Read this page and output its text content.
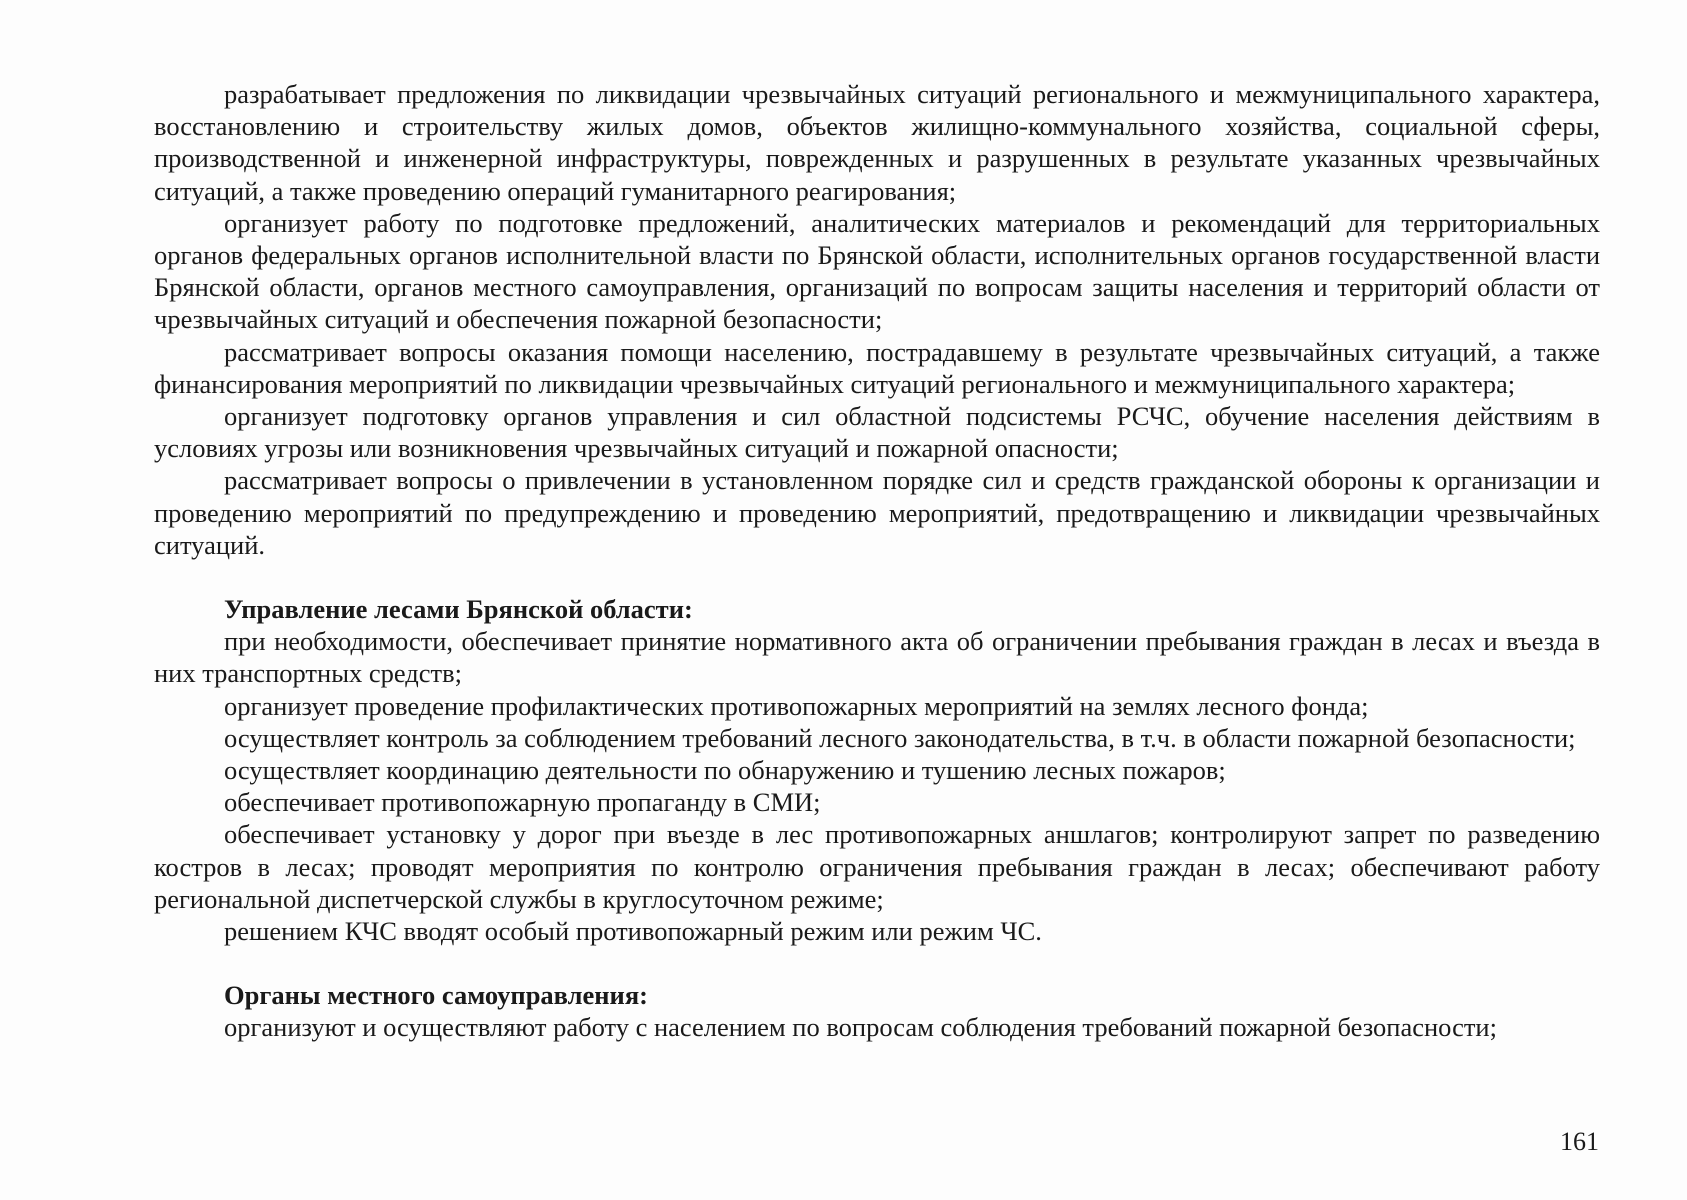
разрабатывает предложения по ликвидации чрезвычайных ситуаций регионального и межмуниципального характера, восстановлению и строительству жилых домов, объектов жилищно-коммунального хозяйства, социальной сферы, производственной и инженерной инфраструктуры, поврежденных и разрушенных в результате указанных чрезвычайных ситуаций, а также проведению операций гуманитарного реагирования;

организует работу по подготовке предложений, аналитических материалов и рекомендаций для территориальных органов федеральных органов исполнительной власти по Брянской области, исполнительных органов государственной власти Брянской области, органов местного самоуправления, организаций по вопросам защиты населения и территорий области от чрезвычайных ситуаций и обеспечения пожарной безопасности;

рассматривает вопросы оказания помощи населению, пострадавшему в результате чрезвычайных ситуаций, а также финансирования мероприятий по ликвидации чрезвычайных ситуаций регионального и межмуниципального характера;

организует подготовку органов управления и сил областной подсистемы РСЧС, обучение населения действиям в условиях угрозы или возникновения чрезвычайных ситуаций и пожарной опасности;

рассматривает вопросы о привлечении в установленном порядке сил и средств гражданской обороны к организации и проведению мероприятий по предупреждению и проведению мероприятий, предотвращению и ликвидации чрезвычайных ситуаций.

Управление лесами Брянской области:

при необходимости, обеспечивает принятие нормативного акта об ограничении пребывания граждан в лесах и въезда в них транспортных средств;

организует проведение профилактических противопожарных мероприятий на землях лесного фонда;

осуществляет контроль за соблюдением требований лесного законодательства, в т.ч. в области пожарной безопасности;

осуществляет координацию деятельности по обнаружению и тушению лесных пожаров;

обеспечивает противопожарную пропаганду в СМИ;

обеспечивает установку у дорог при въезде в лес противопожарных аншлагов; контролируют запрет по разведению костров в лесах; проводят мероприятия по контролю ограничения пребывания граждан в лесах; обеспечивают работу региональной диспетчерской службы в круглосуточном режиме;

решением КЧС вводят особый противопожарный режим или режим ЧС.

Органы местного самоуправления:

организуют и осуществляют работу с населением по вопросам соблюдения требований пожарной безопасности;

161
